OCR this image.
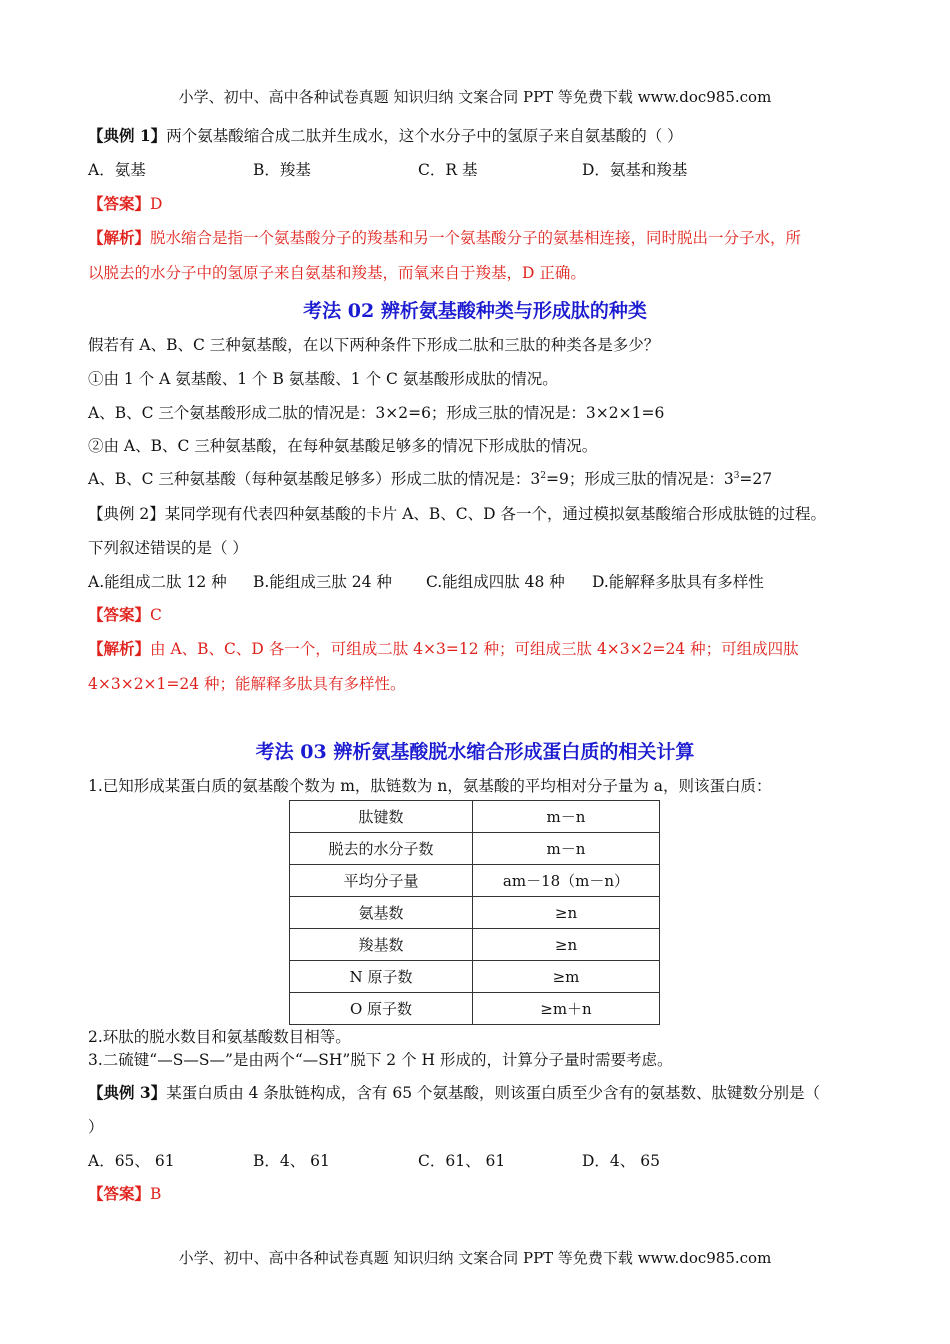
小学、初中、高中各种试卷真题 知识归纳 文案合同 PPT 等免费下载 www.doc985.com
【典例 1】两个氨基酸缩合成二肽并生成水，这个水分子中的氢原子来自氨基酸的（ ）
A．氨基	B．羧基	C．R 基	D．氨基和羧基
【答案】D
【解析】脱水缩合是指一个氨基酸分子的羧基和另一个氨基酸分子的氨基相连接，同时脱出一分子水，所
以脱去的水分子中的氢原子来自氨基和羧基，而氧来自于羧基，D 正确。
考法 02 辨析氨基酸种类与形成肽的种类
假若有 A、B、C 三种氨基酸，在以下两种条件下形成二肽和三肽的种类各是多少？
①由 1 个 A 氨基酸、1 个 B 氨基酸、1 个 C 氨基酸形成肽的情况。
A、B、C 三个氨基酸形成二肽的情况是：3×2=6；形成三肽的情况是：3×2×1=6
②由 A、B、C 三种氨基酸，在每种氨基酸足够多的情况下形成肽的情况。
A、B、C 三种氨基酸（每种氨基酸足够多）形成二肽的情况是：$3^2=9$；形成三肽的情况是：$3^3=27$
【典例 2】某同学现有代表四种氨基酸的卡片 A、B、C、D 各一个，通过模拟氨基酸缩合形成肽链的过程。
下列叙述错误的是（ ）
A.能组成二肽 12 种 B.能组成三肽 24 种 C.能组成四肽 48 种 D.能解释多肽具有多样性
【答案】C
【解析】由 A、B、C、D 各一个，可组成二肽 4×3=12 种；可组成三肽 4×3×2=24 种；可组成四肽
4×3×2×1=24 种；能解释多肽具有多样性。
考法 03 辨析氨基酸脱水缩合形成蛋白质的相关计算
1.已知形成某蛋白质的氨基酸个数为 m，肽链数为 n，氨基酸的平均相对分子量为 a，则该蛋白质：
肽键数	m－n
脱去的水分子数	m－n
平均分子量	am－18（m－n）
氨基数	≥n
羧基数	≥n
N 原子数	≥m
O 原子数	≥m＋n
2.环肽的脱水数目和氨基酸数目相等。
3.二硫键“—S—S—”是由两个“—SH”脱下 2 个 H 形成的，计算分子量时需要考虑。
【典例 3】某蛋白质由 4 条肽链构成，含有 65 个氨基酸，则该蛋白质至少含有的氨基数、肽键数分别是（
）
A．65、 61	B．4、 61	C．61、 61	D．4、 65
【答案】B
小学、初中、高中各种试卷真题 知识归纳 文案合同 PPT 等免费下载 www.doc985.com
